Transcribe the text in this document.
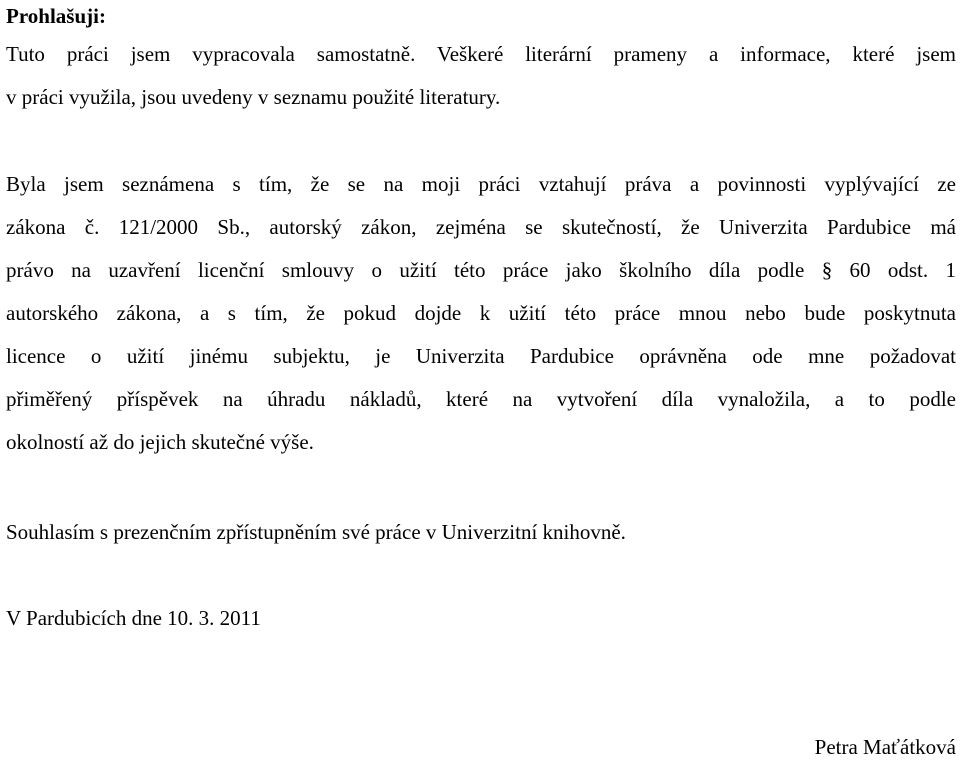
Prohlašuji:

Tuto práci jsem vypracovala samostatně. Veškeré literární prameny a informace, které jsem
v práci využila, jsou uvedeny v seznamu použité literatury.

Byla jsem seznámena s tím, že se na moji práci vztahují práva a povinnosti vyplývající ze
zákona č. 121/2000 Sb., autorský zákon, zejména se skutečností, že Univerzita Pardubice má
právo na uzavření licenční smlouvy o užití této práce jako školního díla podle § 60 odst. 1
autorského zákona, a s tím, že pokud dojde k užití této práce mnou nebo bude poskytnuta
licence o užití jinému subjektu, je Univerzita Pardubice oprávněna ode mne požadovat
přiměřený příspěvek na úhradu nákladů, které na vytvoření díla vynaložila, a to podle
okolností až do jejich skutečné výše.

Souhlasím s prezenčním zpřístupněním své práce v Univerzitní knihovně.

V Pardubicích dne 10. 3. 2011

Petra Maťátková
